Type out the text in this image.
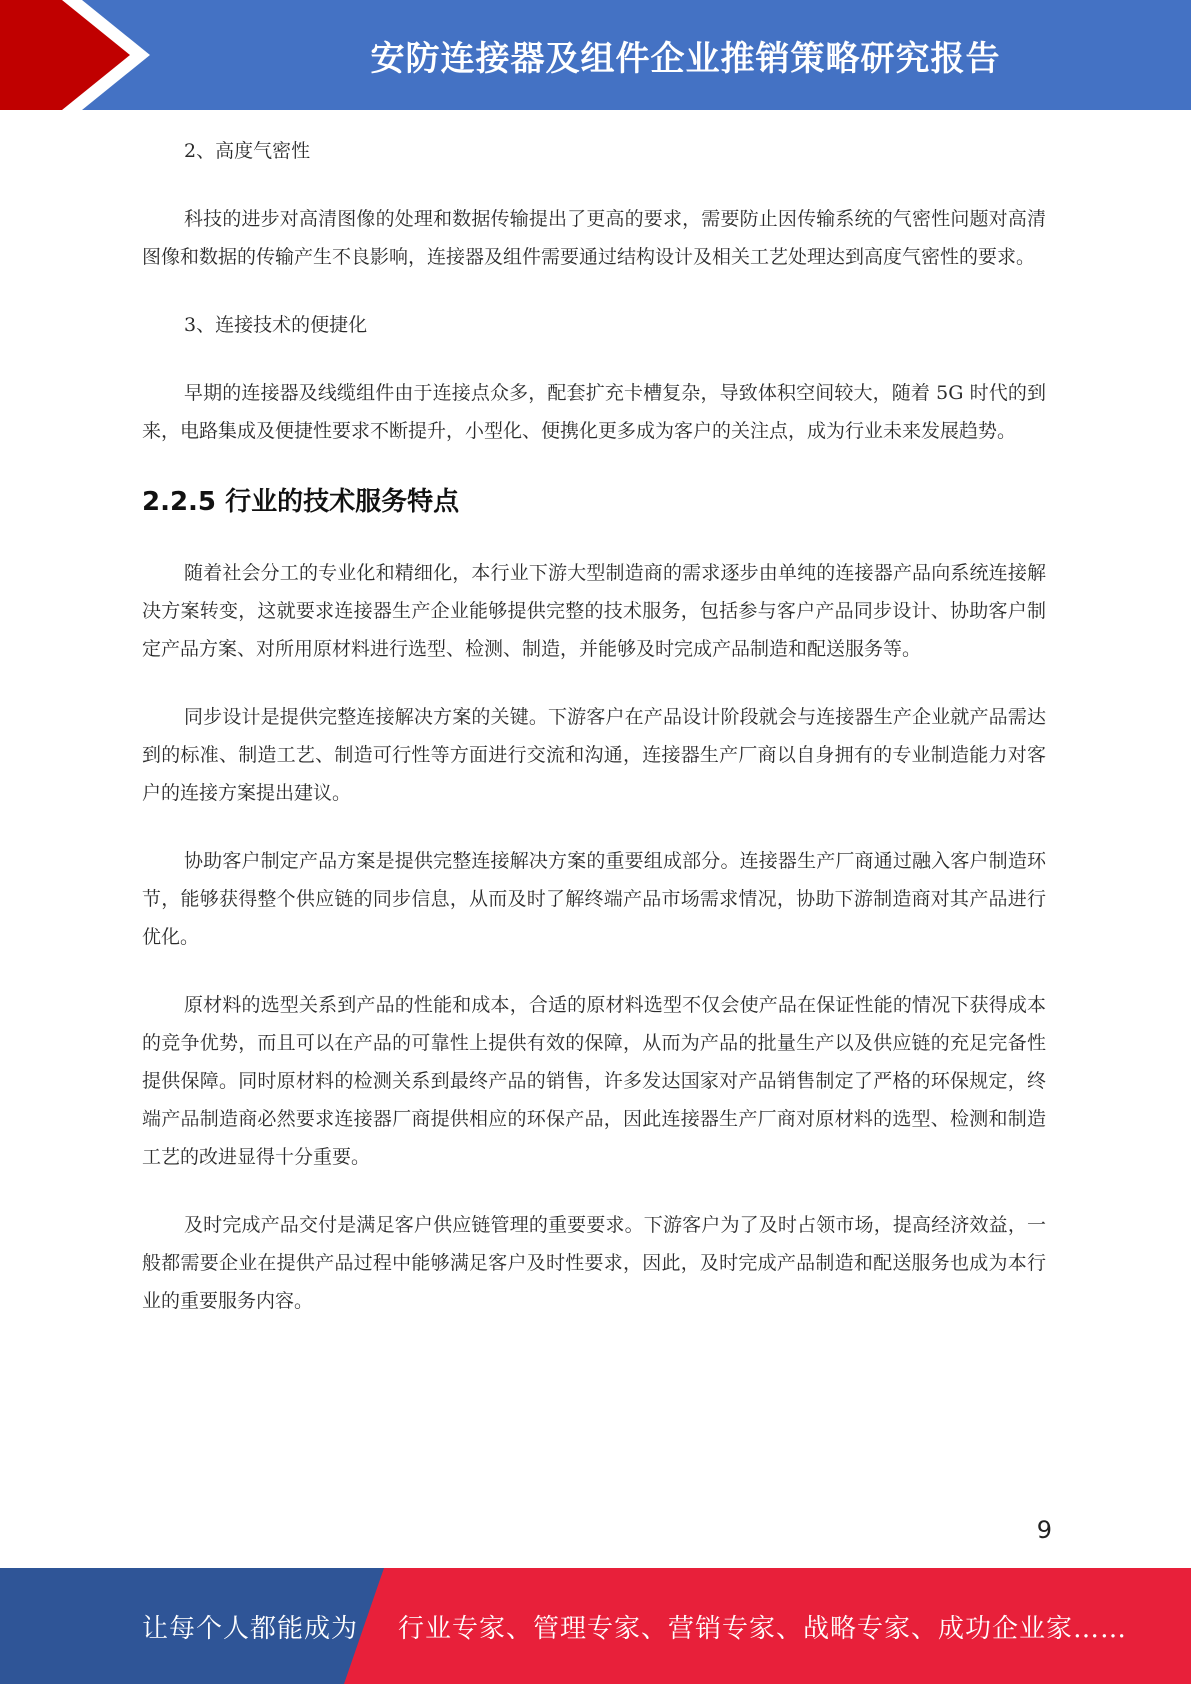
安防连接器及组件企业推销策略研究报告

2、高度气密性

科技的进步对高清图像的处理和数据传输提出了更高的要求，需要防止因传输系统的气密性问题对高清图像和数据的传输产生不良影响，连接器及组件需要通过结构设计及相关工艺处理达到高度气密性的要求。

3、连接技术的便捷化

早期的连接器及线缆组件由于连接点众多，配套扩充卡槽复杂，导致体积空间较大，随着 5G 时代的到来，电路集成及便捷性要求不断提升，小型化、便携化更多成为客户的关注点，成为行业未来发展趋势。

2.2.5 行业的技术服务特点

随着社会分工的专业化和精细化，本行业下游大型制造商的需求逐步由单纯的连接器产品向系统连接解决方案转变，这就要求连接器生产企业能够提供完整的技术服务，包括参与客户产品同步设计、协助客户制定产品方案、对所用原材料进行选型、检测、制造，并能够及时完成产品制造和配送服务等。

同步设计是提供完整连接解决方案的关键。下游客户在产品设计阶段就会与连接器生产企业就产品需达到的标准、制造工艺、制造可行性等方面进行交流和沟通，连接器生产厂商以自身拥有的专业制造能力对客户的连接方案提出建议。

协助客户制定产品方案是提供完整连接解决方案的重要组成部分。连接器生产厂商通过融入客户制造环节，能够获得整个供应链的同步信息，从而及时了解终端产品市场需求情况，协助下游制造商对其产品进行优化。

原材料的选型关系到产品的性能和成本，合适的原材料选型不仅会使产品在保证性能的情况下获得成本的竞争优势，而且可以在产品的可靠性上提供有效的保障，从而为产品的批量生产以及供应链的充足完备性提供保障。同时原材料的检测关系到最终产品的销售，许多发达国家对产品销售制定了严格的环保规定，终端产品制造商必然要求连接器厂商提供相应的环保产品，因此连接器生产厂商对原材料的选型、检测和制造工艺的改进显得十分重要。

及时完成产品交付是满足客户供应链管理的重要要求。下游客户为了及时占领市场，提高经济效益，一般都需要企业在提供产品过程中能够满足客户及时性要求，因此，及时完成产品制造和配送服务也成为本行业的重要服务内容。

9
让每个人都能成为 行业专家、管理专家、营销专家、战略专家、成功企业家……
